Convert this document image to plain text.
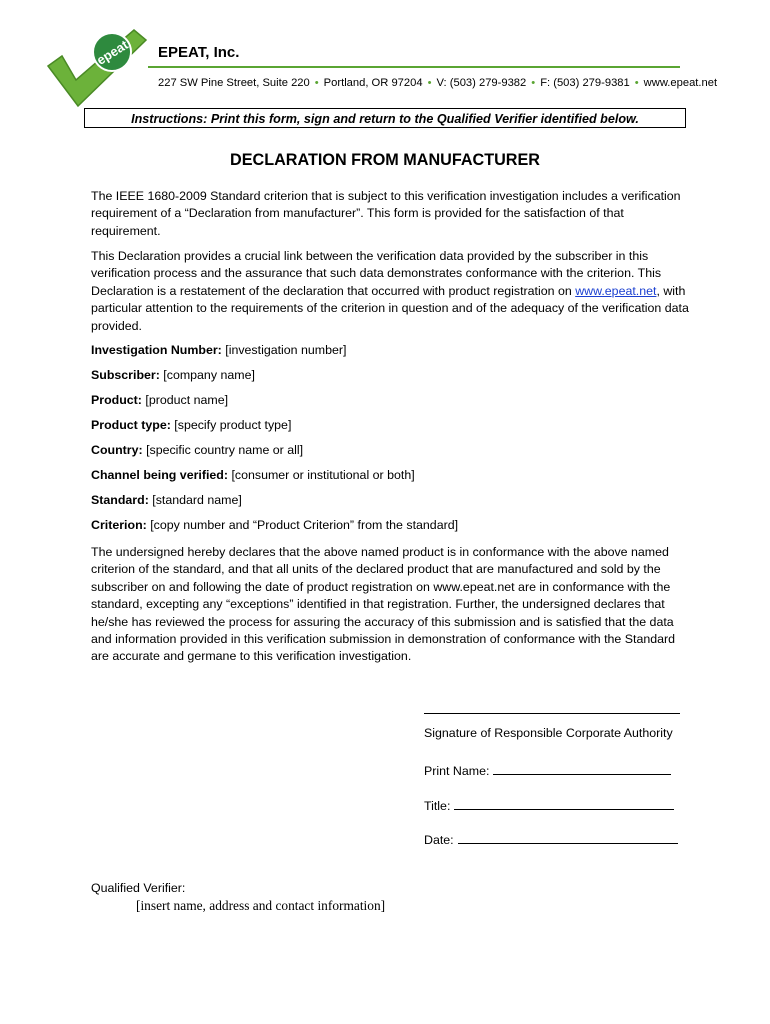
epeat EPEAT, Inc.
227 SW Pine Street, Suite 220 • Portland, OR 97204 • V: (503) 279-9382 • F: (503) 279-9381 • www.epeat.net
Instructions: Print this form, sign and return to the Qualified Verifier identified below.
DECLARATION FROM MANUFACTURER
The IEEE 1680-2009 Standard criterion that is subject to this verification investigation includes a verification requirement of a “Declaration from manufacturer”. This form is provided for the satisfaction of that requirement.
This Declaration provides a crucial link between the verification data provided by the subscriber in this verification process and the assurance that such data demonstrates conformance with the criterion. This Declaration is a restatement of the declaration that occurred with product registration on www.epeat.net, with particular attention to the requirements of the criterion in question and of the adequacy of the verification data provided.
Investigation Number: [investigation number]
Subscriber: [company name]
Product: [product name]
Product type: [specify product type]
Country: [specific country name or all]
Channel being verified: [consumer or institutional or both]
Standard: [standard name]
Criterion: [copy number and “Product Criterion” from the standard]
The undersigned hereby declares that the above named product is in conformance with the above named criterion of the standard, and that all units of the declared product that are manufactured and sold by the subscriber on and following the date of product registration on www.epeat.net are in conformance with the standard, excepting any “exceptions” identified in that registration. Further, the undersigned declares that he/she has reviewed the process for assuring the accuracy of this submission and is satisfied that the data and information provided in this verification submission in demonstration of conformance with the Standard are accurate and germane to this verification investigation.
Signature of Responsible Corporate Authority
Print Name:
Title:
Date:
Qualified Verifier:
[insert name, address and contact information]
